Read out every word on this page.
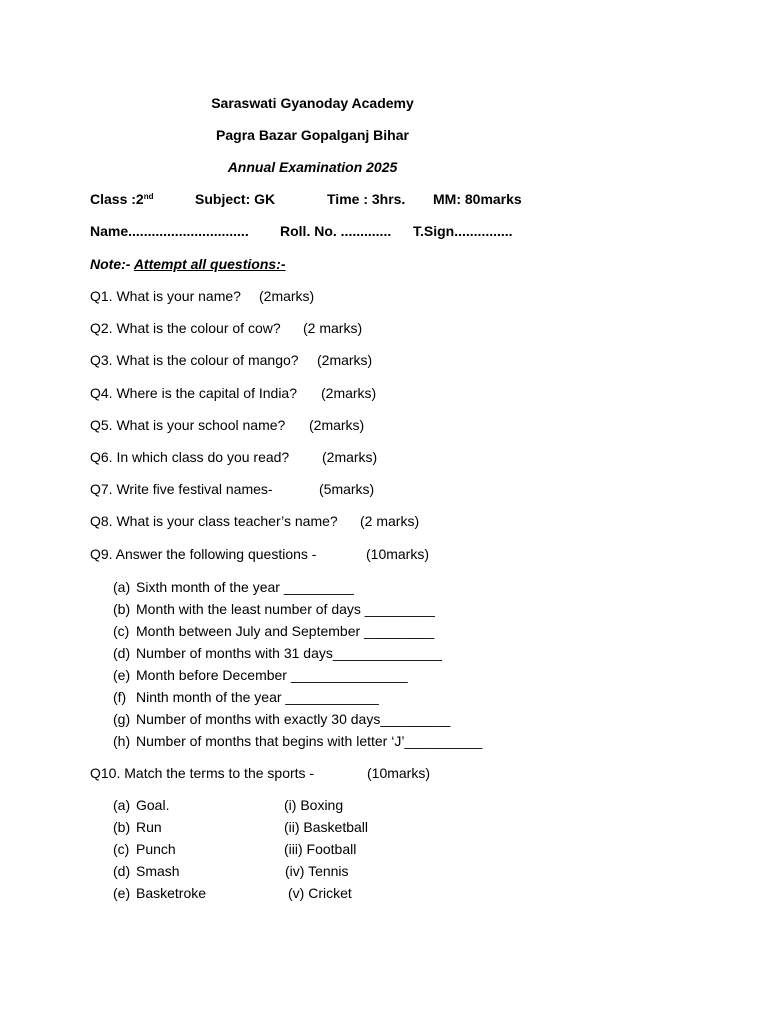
Saraswati Gyanoday Academy
Pagra Bazar Gopalganj Bihar
Annual Examination 2025
Class :2nd	Subject: GK	Time : 3hrs. MM: 80marks
Name............................... Roll. No. ............. T.Sign...............
Note:- Attempt all questions:-
Q1. What is your name? (2marks)
Q2. What is the colour of cow? (2 marks)
Q3. What is the colour of mango? (2marks)
Q4. Where is the capital of India? (2marks)
Q5. What is your school name? (2marks)
Q6. In which class do you read? (2marks)
Q7. Write five festival names-	(5marks)
Q8. What is your class teacher’s name? (2 marks)
Q9. Answer the following questions -	(10marks)
(a) Sixth month of the year _________
(b) Month with the least number of days _________
(c) Month between July and September _________
(d) Number of months with 31 days______________
(e) Month before December _______________
(f) Ninth month of the year ____________
(g) Number of months with exactly 30 days_________
(h) Number of months that begins with letter ‘J’__________
Q10. Match the terms to the sports -	(10marks)
(a) Goal.	(i) Boxing
(b) Run	(ii) Basketball
(c) Punch	(iii) Football
(d) Smash	(iv) Tennis
(e) Basketroke	(v) Cricket
